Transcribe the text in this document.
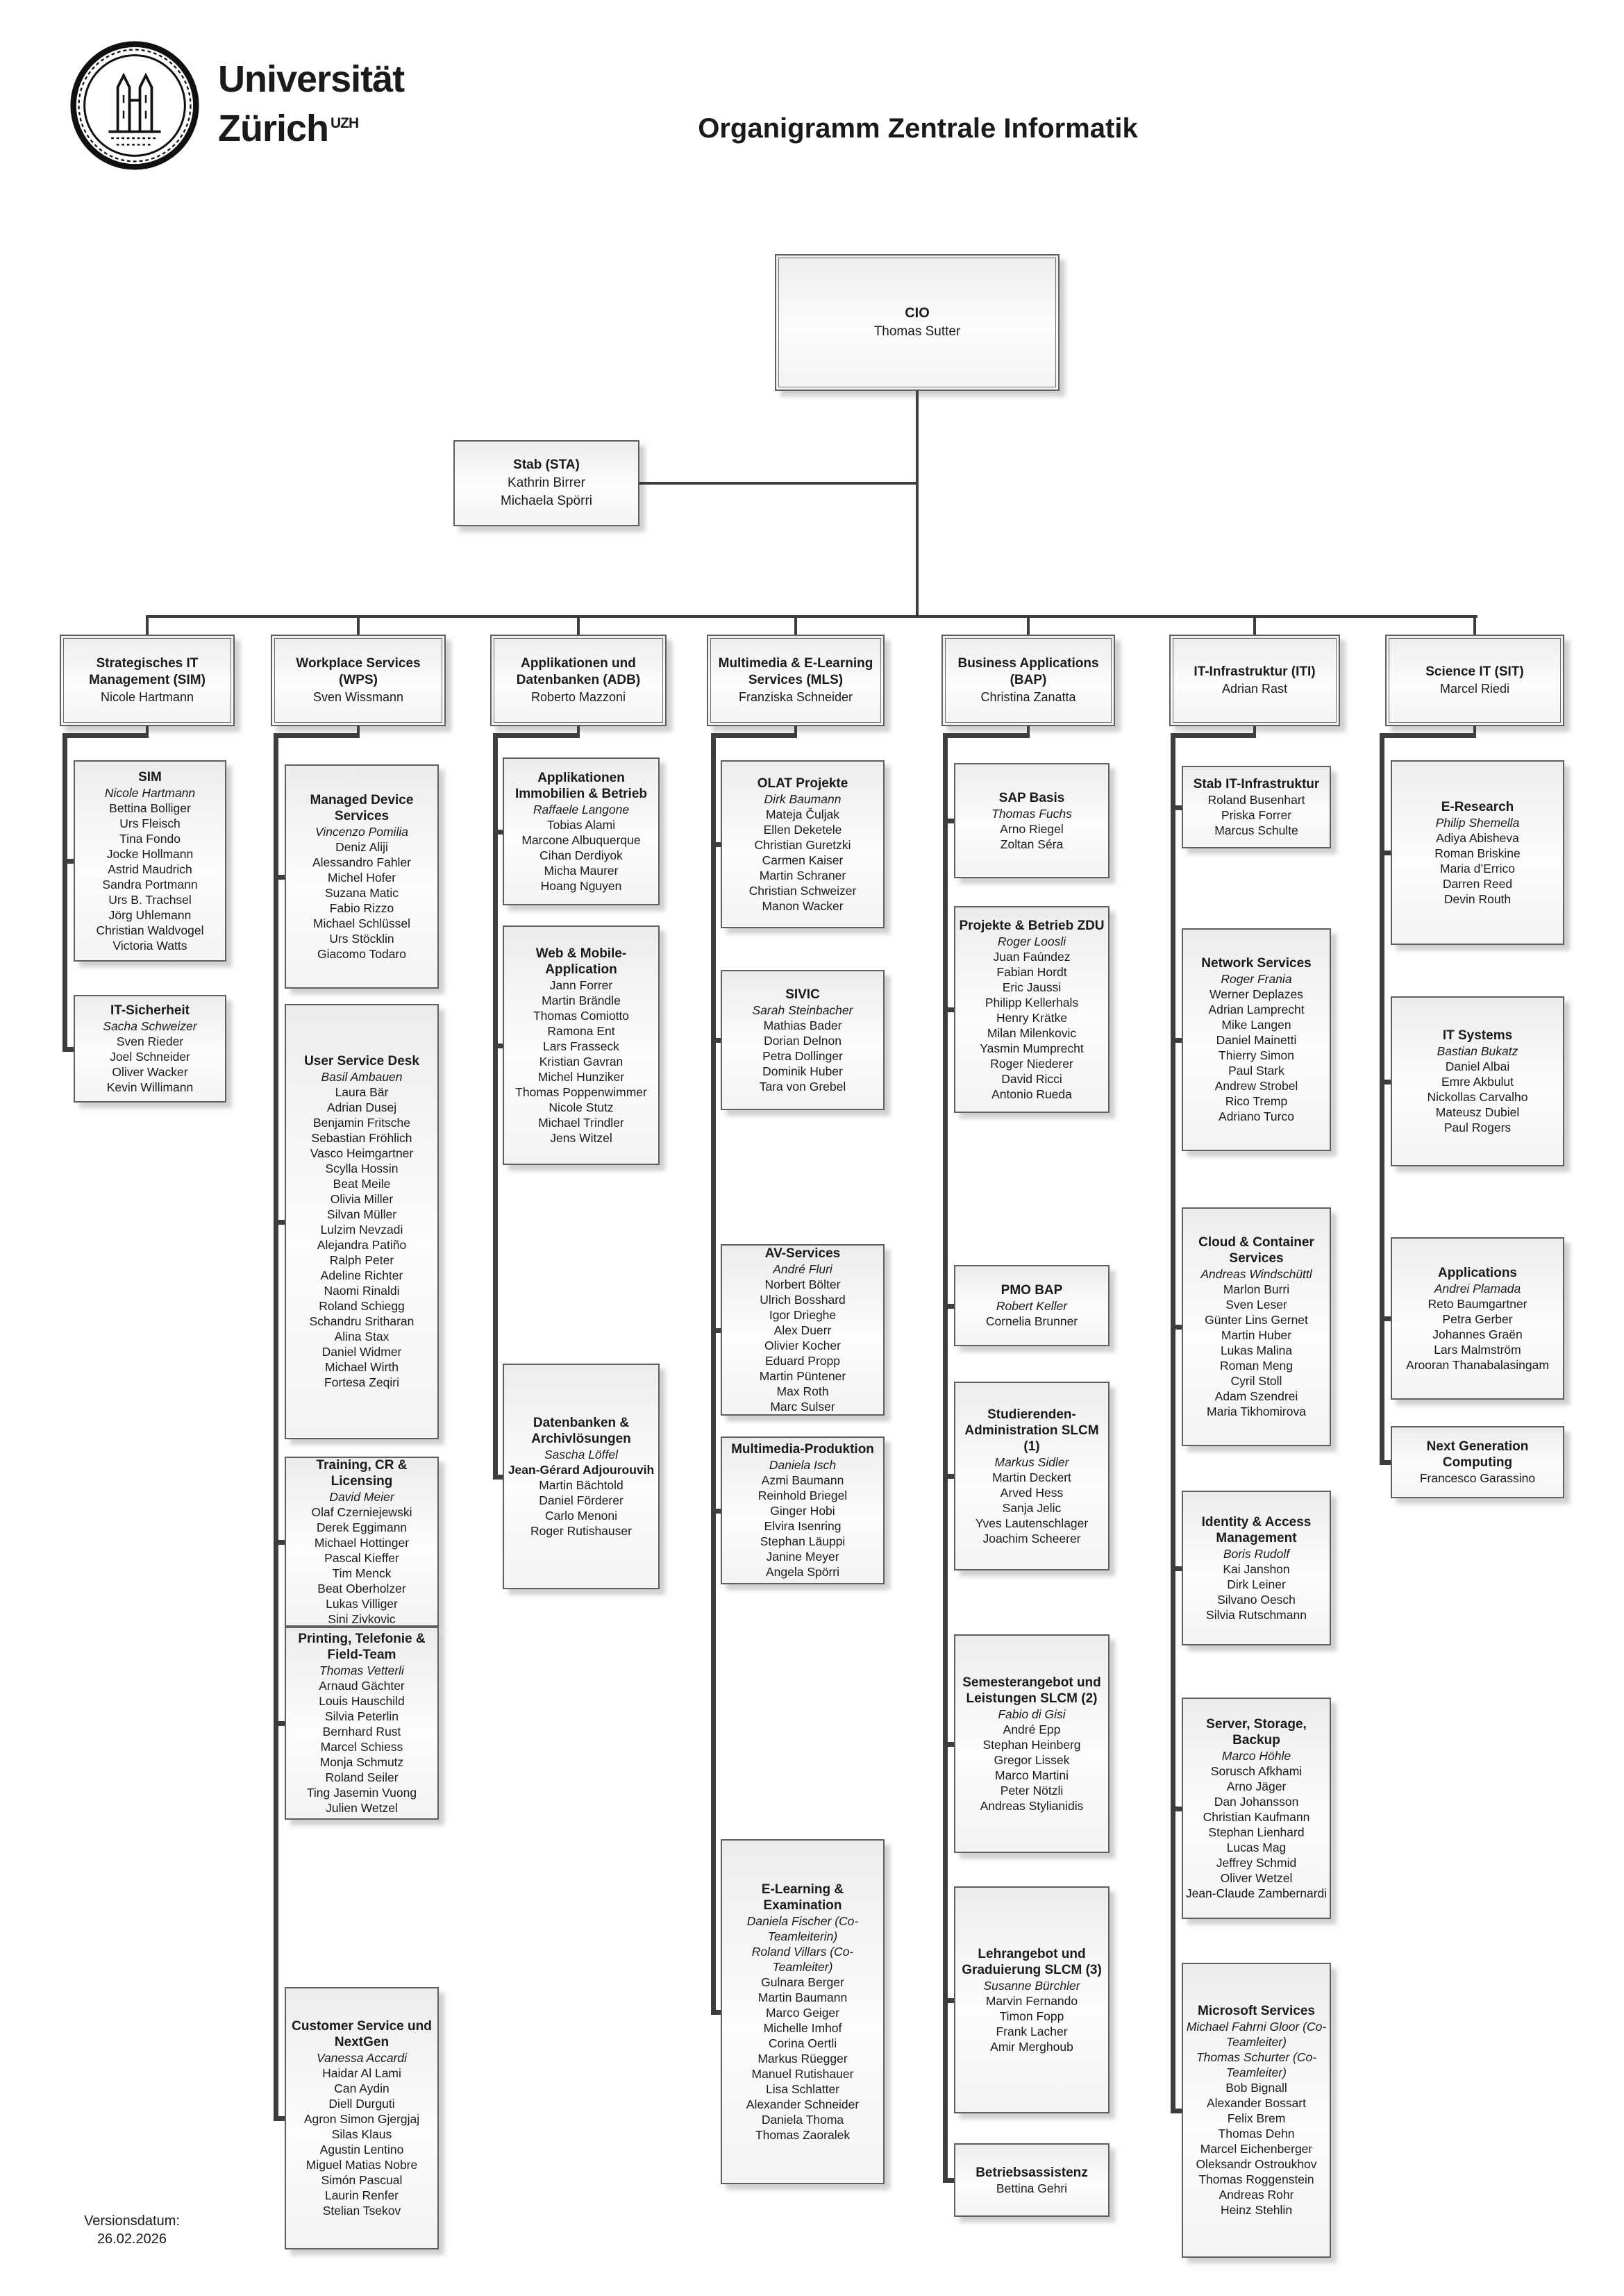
Universität
Zürich $^{UZH}$	Organigramm Zentrale Informatik
CIO
Thomas Sutter
Stab (STA)
Kathrin Birrer
Michaela Spörri
Versionsdatum:
26.02.2026
Strategisches IT Management (SIM)
Nicole Hartmann
SIM
Nicole Hartmann
Bettina Bolliger
Urs Fleisch
Tina Fondo
Jocke Hollmann
Astrid Maudrich
Sandra Portmann
Urs B. Trachsel
Jörg Uhlemann
Christian Waldvogel
Victoria Watts
IT-Sicherheit
Sacha Schweizer
Sven Rieder
Joel Schneider
Oliver Wacker
Kevin Willimann
Workplace Services (WPS)
Sven Wissmann
Managed Device Services
Vincenzo Pomilia
Deniz Aliji
Alessandro Fahler
Michel Hofer
Suzana Matic
Fabio Rizzo
Michael Schlüssel
Urs Stöcklin
Giacomo Todaro
User Service Desk
Basil Ambauen
Laura Bär
Adrian Dusej
Benjamin Fritsche
Sebastian Fröhlich
Vasco Heimgartner
Scylla Hossin
Beat Meile
Olivia Miller
Silvan Müller
Lulzim Nevzadi
Alejandra Patiño
Ralph Peter
Adeline Richter
Naomi Rinaldi
Roland Schiegg
Schandru Sritharan
Alina Stax
Daniel Widmer
Michael Wirth
Fortesa Zeqiri
Training, CR & Licensing
David Meier
Olaf Czerniejewski
Derek Eggimann
Michael Hottinger
Pascal Kieffer
Tim Menck
Beat Oberholzer
Lukas Villiger
Sini Zivkovic
Printing, Telefonie & Field-Team
Thomas Vetterli
Arnaud Gächter
Louis Hauschild
Silvia Peterlin
Bernhard Rust
Marcel Schiess
Monja Schmutz
Roland Seiler
Ting Jasemin Vuong
Julien Wetzel
Customer Service und NextGen
Vanessa Accardi
Haidar Al Lami
Can Aydin
Diell Durguti
Agron Simon Gjergjaj
Silas Klaus
Agustin Lentino
Miguel Matias Nobre
Simón Pascual
Laurin Renfer
Stelian Tsekov
Applikationen und Datenbanken (ADB)
Roberto Mazzoni
Applikationen Immobilien & Betrieb
Raffaele Langone
Tobias Alami
Marcone Albuquerque
Cihan Derdiyok
Micha Maurer
Hoang Nguyen
Web & Mobile-Application
Jann Forrer
Martin Brändle
Thomas Comiotto
Ramona Ent
Lars Frasseck
Kristian Gavran
Michel Hunziker
Thomas Poppenwimmer
Nicole Stutz
Michael Trindler
Jens Witzel
Datenbanken & Archivlösungen
Sascha Löffel
Jean-Gérard Adjourouvih
Martin Bächtold
Daniel Förderer
Carlo Menoni
Roger Rutishauser
Multimedia & E-Learning Services (MLS)
Franziska Schneider
OLAT Projekte
Dirk Baumann
Mateja Čuljak
Ellen Deketele
Christian Guretzki
Carmen Kaiser
Martin Schraner
Christian Schweizer
Manon Wacker
SIVIC
Sarah Steinbacher
Mathias Bader
Dorian Delnon
Petra Dollinger
Dominik Huber
Tara von Grebel
AV-Services
André Fluri
Norbert Bölter
Ulrich Bosshard
Igor Drieghe
Alex Duerr
Olivier Kocher
Eduard Propp
Martin Püntener
Max Roth
Marc Sulser
Multimedia-Produktion
Daniela Isch
Azmi Baumann
Reinhold Briegel
Ginger Hobi
Elvira Isenring
Stephan Läuppi
Janine Meyer
Angela Spörri
E-Learning & Examination
Daniela Fischer (Co-Teamleiterin)
Roland Villars (Co-Teamleiter)
Gulnara Berger
Martin Baumann
Marco Geiger
Michelle Imhof
Corina Oertli
Markus Rüegger
Manuel Rutishauer
Lisa Schlatter
Alexander Schneider
Daniela Thoma
Thomas Zaoralek
Business Applications (BAP)
Christina Zanatta
SAP Basis
Thomas Fuchs
Arno Riegel
Zoltan Séra
Projekte & Betrieb ZDU
Roger Loosli
Juan Faúndez
Fabian Hordt
Eric Jaussi
Philipp Kellerhals
Henry Krätke
Milan Milenkovic
Yasmin Mumprecht
Roger Niederer
David Ricci
Antonio Rueda
PMO BAP
Robert Keller
Cornelia Brunner
Studierenden-Administration SLCM (1)
Markus Sidler
Martin Deckert
Arved Hess
Sanja Jelic
Yves Lautenschlager
Joachim Scheerer
Semesterangebot und Leistungen SLCM (2)
Fabio di Gisi
André Epp
Stephan Heinberg
Gregor Lissek
Marco Martini
Peter Nötzli
Andreas Stylianidis
Lehrangebot und Graduierung SLCM (3)
Susanne Bürchler
Marvin Fernando
Timon Fopp
Frank Lacher
Amir Merghoub
Betriebsassistenz
Bettina Gehri
IT-Infrastruktur (ITI)
Adrian Rast
Stab IT-Infrastruktur
Roland Busenhart
Priska Forrer
Marcus Schulte
Network Services
Roger Frania
Werner Deplazes
Adrian Lamprecht
Mike Langen
Daniel Mainetti
Thierry Simon
Paul Stark
Andrew Strobel
Rico Tremp
Adriano Turco
Cloud & Container Services
Andreas Windschüttl
Marlon Burri
Sven Leser
Günter Lins Gernet
Martin Huber
Lukas Malina
Roman Meng
Cyril Stoll
Adam Szendrei
Maria Tikhomirova
Identity & Access Management
Boris Rudolf
Kai Janshon
Dirk Leiner
Silvano Oesch
Silvia Rutschmann
Server, Storage, Backup
Marco Höhle
Sorusch Afkhami
Arno Jäger
Dan Johansson
Christian Kaufmann
Stephan Lienhard
Lucas Mag
Jeffrey Schmid
Oliver Wetzel
Jean-Claude Zambernardi
Microsoft Services
Michael Fahrni Gloor (Co-Teamleiter)
Thomas Schurter (Co-Teamleiter)
Bob Bignall
Alexander Bossart
Felix Brem
Thomas Dehn
Marcel Eichenberger
Oleksandr Ostroukhov
Thomas Roggenstein
Andreas Rohr
Heinz Stehlin
Science IT (SIT)
Marcel Riedi
E-Research
Philip Shemella
Adiya Abisheva
Roman Briskine
Maria d’Errico
Darren Reed
Devin Routh
IT Systems
Bastian Bukatz
Daniel Albai
Emre Akbulut
Nickollas Carvalho
Mateusz Dubiel
Paul Rogers
Applications
Andrei Plamada
Reto Baumgartner
Petra Gerber
Johannes Graën
Lars Malmström
Arooran Thanabalasingam
Next Generation Computing
Francesco Garassino
